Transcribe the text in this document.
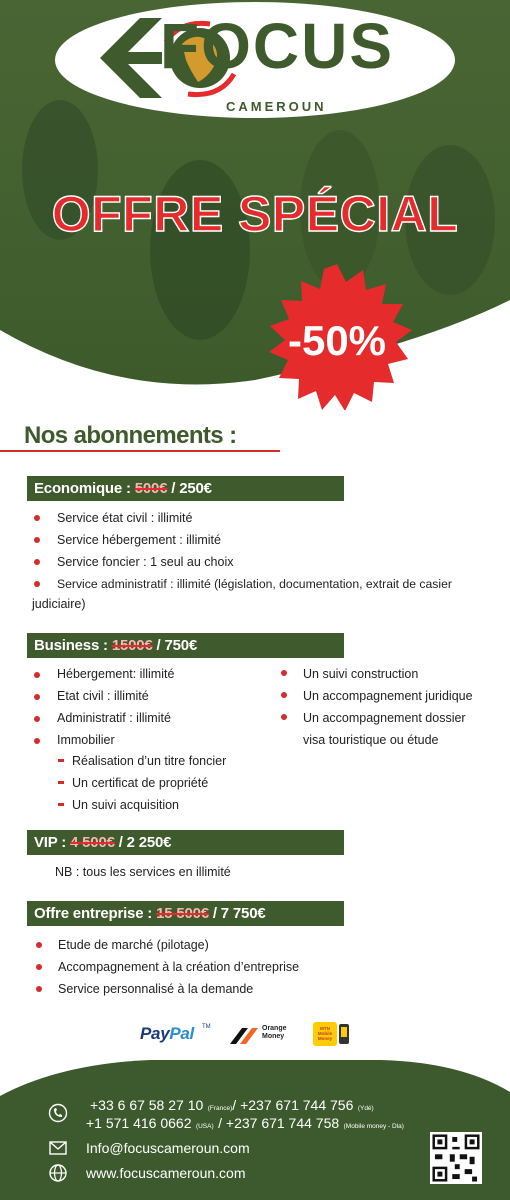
FOCUS
CAMEROUN
OFFRE SPÉCIAL
-50%
Nos abonnements :
Economique : 500€ / 250€
Service état civil : illimité
Service hébergement : illimité
Service foncier : 1 seul au choix
Service administratif : illimité (législation, documentation, extrait de casier
judiciaire)
Business : 1500€ / 750€
Hébergement: illimité
Etat civil : illimité
Administratif : illimité
Immobilier
Réalisation d’un titre foncier
Un certificat de propriété
Un suivi acquisition
Un suivi construction
Un accompagnement juridique
Un accompagnement dossier
visa touristique ou étude
VIP : 4 500€ / 2 250€
NB : tous les services en illimité
Offre entreprise : 15 500€ / 7 750€
Etude de marché (pilotage)
Accompagnement à la création d’entreprise
Service personnalisé à la demande
PayPal TM	Orange
Money
MTN
Mobile
Money
+33 6 67 58 27 10 (France)/ +237 671 744 756 (Ydé)
+1 571 416 0662 (USA) / +237 671 744 758 (Mobile money - Dla)
Info@focuscameroun.com
www.focuscameroun.com
